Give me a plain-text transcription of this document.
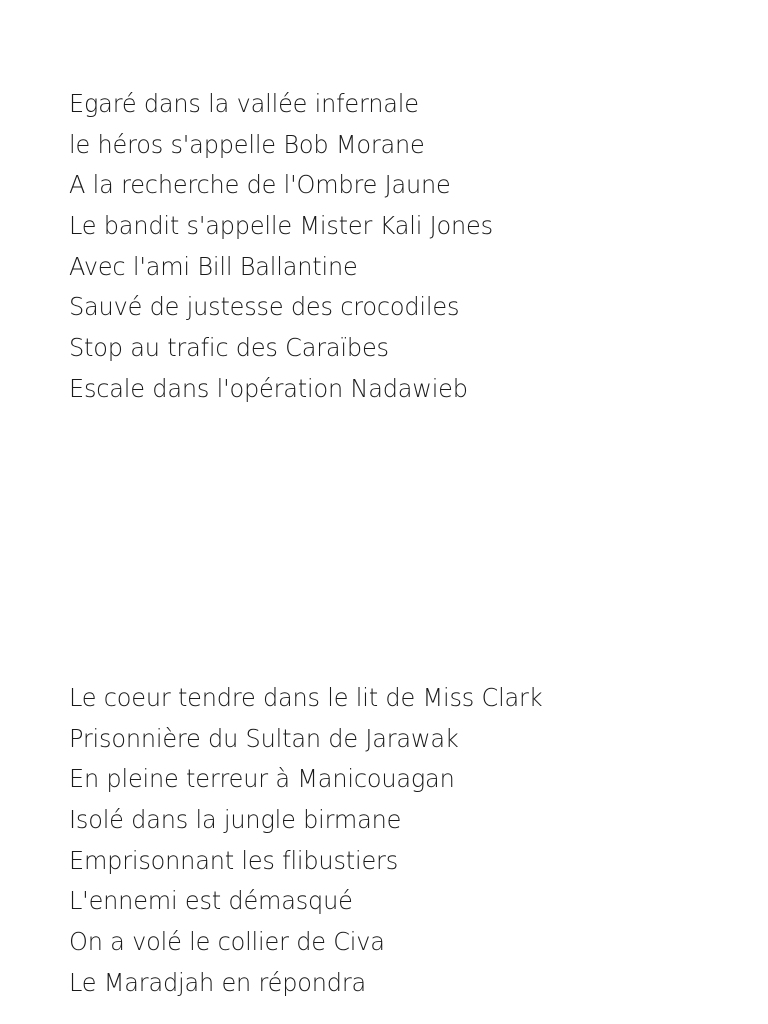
Egaré dans la vallée infernale
le héros s'appelle Bob Morane
A la recherche de l'Ombre Jaune
Le bandit s'appelle Mister Kali Jones
Avec l'ami Bill Ballantine
Sauvé de justesse des crocodiles
Stop au trafic des Caraïbes
Escale dans l'opération Nadawieb
Le coeur tendre dans le lit de Miss Clark
Prisonnière du Sultan de Jarawak
En pleine terreur à Manicouagan
Isolé dans la jungle birmane
Emprisonnant les flibustiers
L'ennemi est démasqué
On a volé le collier de Civa
Le Maradjah en répondra
